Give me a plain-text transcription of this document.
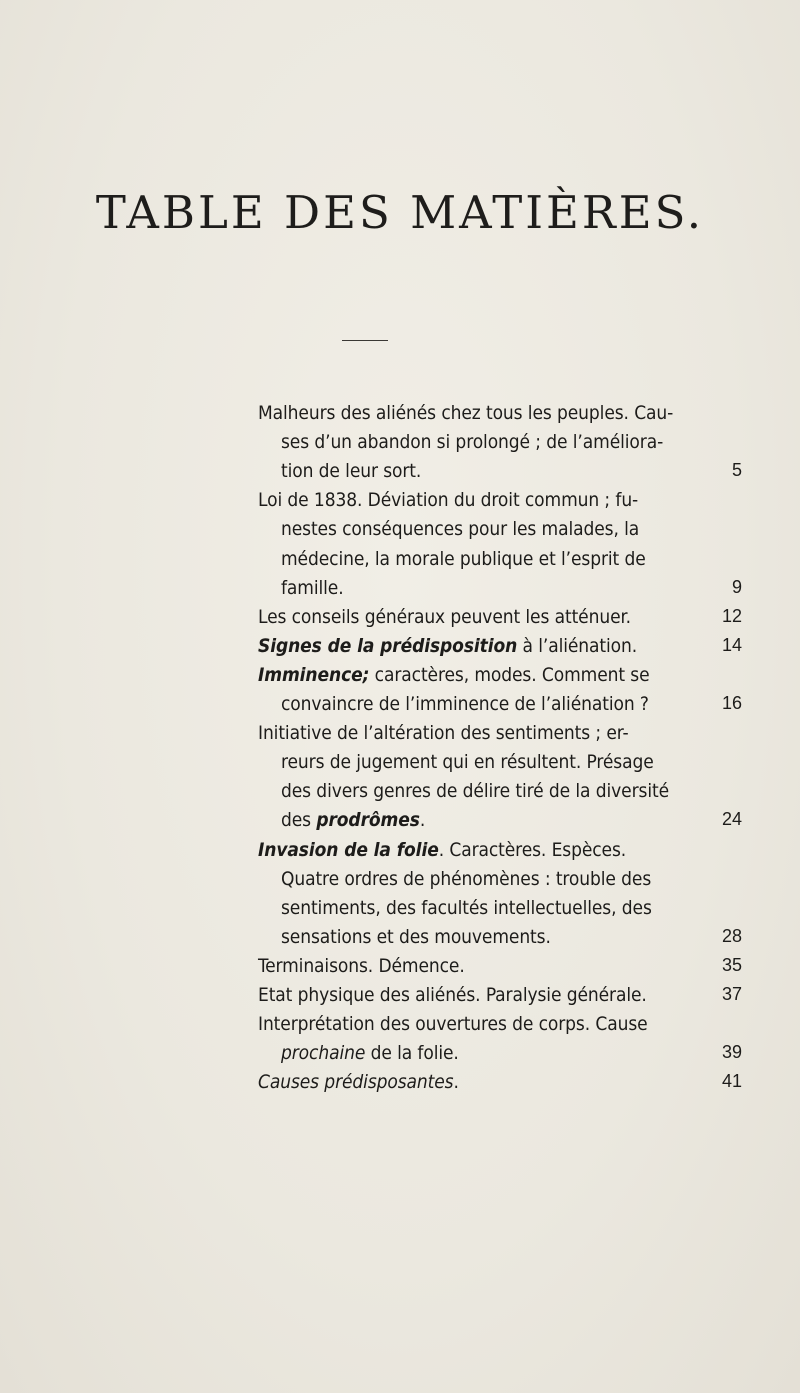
TABLE DES MATIÈRES.
Malheurs des aliénés chez tous les peuples. Cau-
ses d’un abandon si prolongé ; de l’améliora-
tion de leur sort.	5
Loi de 1838. Déviation du droit commun ; fu-
nestes conséquences pour les malades, la
médecine, la morale publique et l’esprit de
famille.	9
Les conseils généraux peuvent les atténuer.	12
Signes de la prédisposition à l’aliénation.	14
Imminence; caractères, modes. Comment se
convaincre de l’imminence de l’aliénation ?	16
Initiative de l’altération des sentiments ; er-
reurs de jugement qui en résultent. Présage
des divers genres de délire tiré de la diversité
des prodrômes.	24
Invasion de la folie. Caractères. Espèces.
Quatre ordres de phénomènes : trouble des
sentiments, des facultés intellectuelles, des
sensations et des mouvements.	28
Terminaisons. Démence.	35
Etat physique des aliénés. Paralysie générale.	37
Interprétation des ouvertures de corps. Cause
prochaine de la folie.	39
Causes prédisposantes.	41
